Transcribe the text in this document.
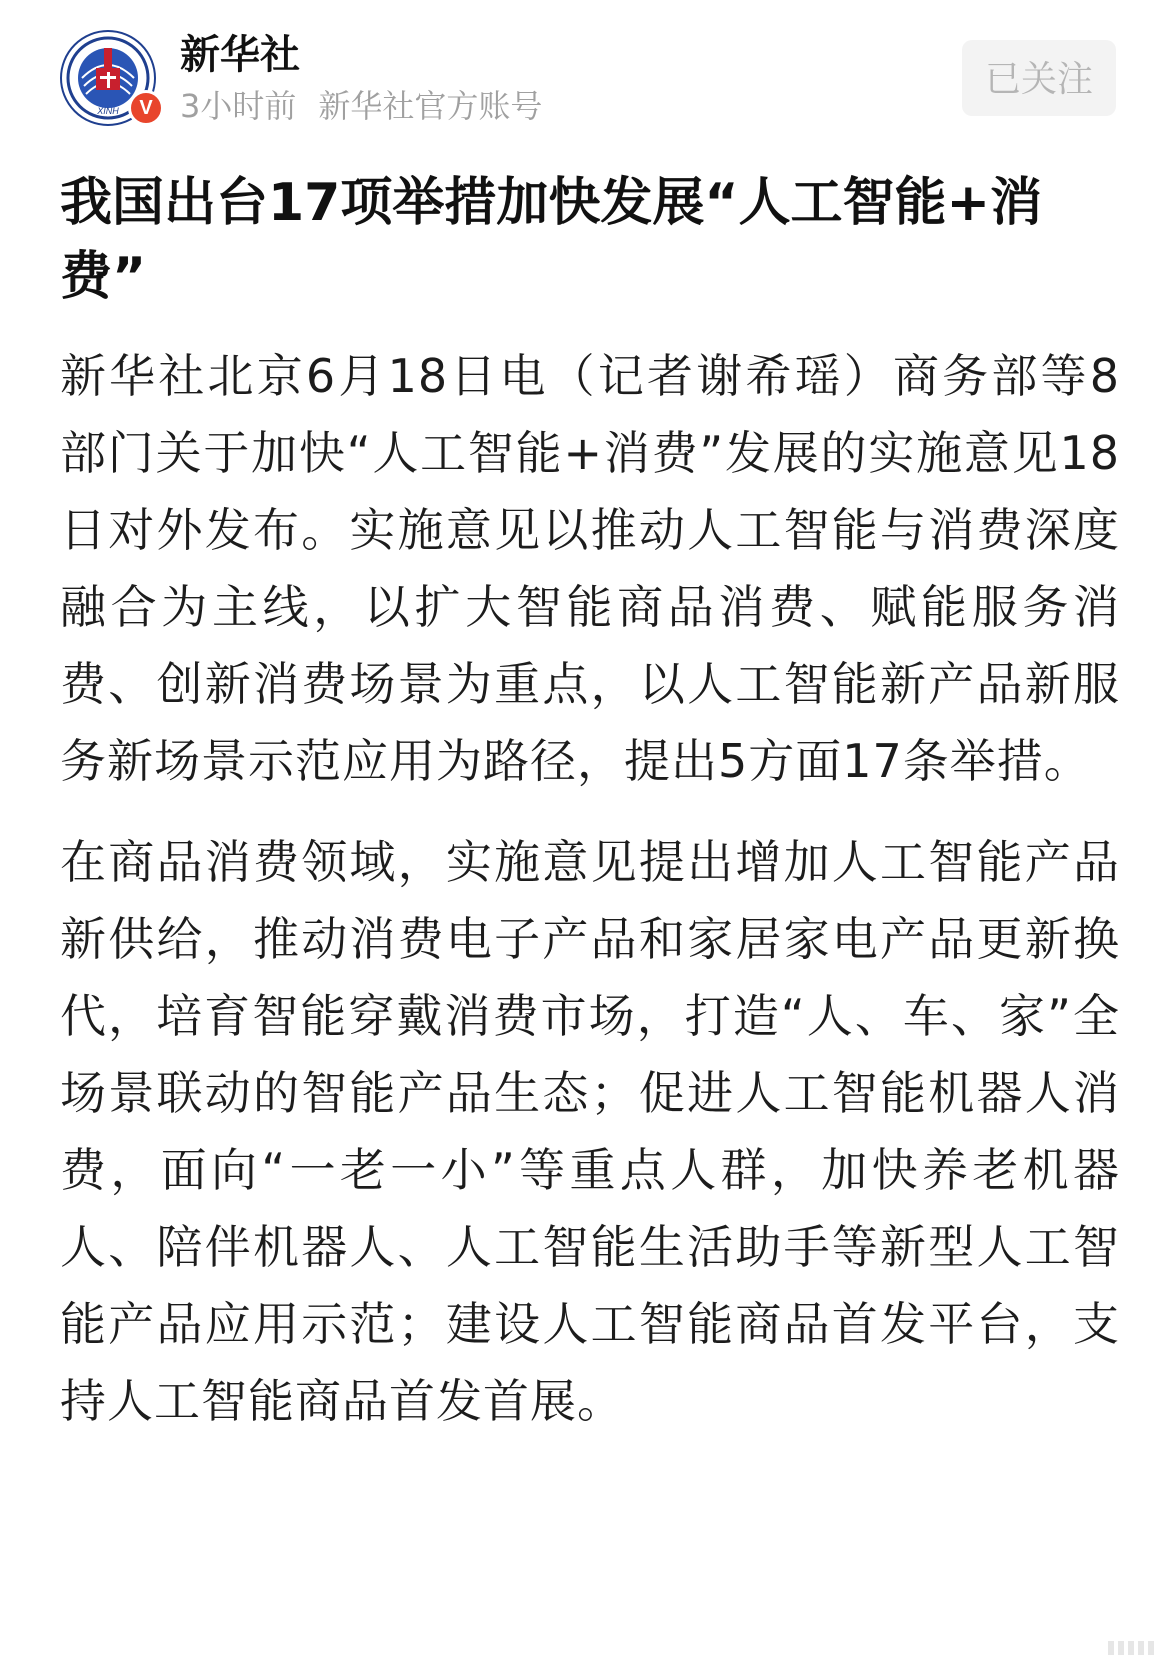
XINH	V
新华社
3小时前 新华社官方账号
已关注
我国出台17项举措加快发展“人工智能+消费”

新华社北京6月18日电（记者谢希瑶）商务部等8部门关于加快“人工智能+消费”发展的实施意见18日对外发布。实施意见以推动人工智能与消费深度融合为主线，以扩大智能商品消费、赋能服务消费、创新消费场景为重点，以人工智能新产品新服务新场景示范应用为路径，提出5方面17条举措。

在商品消费领域，实施意见提出增加人工智能产品新供给，推动消费电子产品和家居家电产品更新换代，培育智能穿戴消费市场，打造“人、车、家”全场景联动的智能产品生态；促进人工智能机器人消费，面向“一老一小”等重点人群，加快养老机器人、陪伴机器人、人工智能生活助手等新型人工智能产品应用示范；建设人工智能商品首发平台，支持人工智能商品首发首展。
